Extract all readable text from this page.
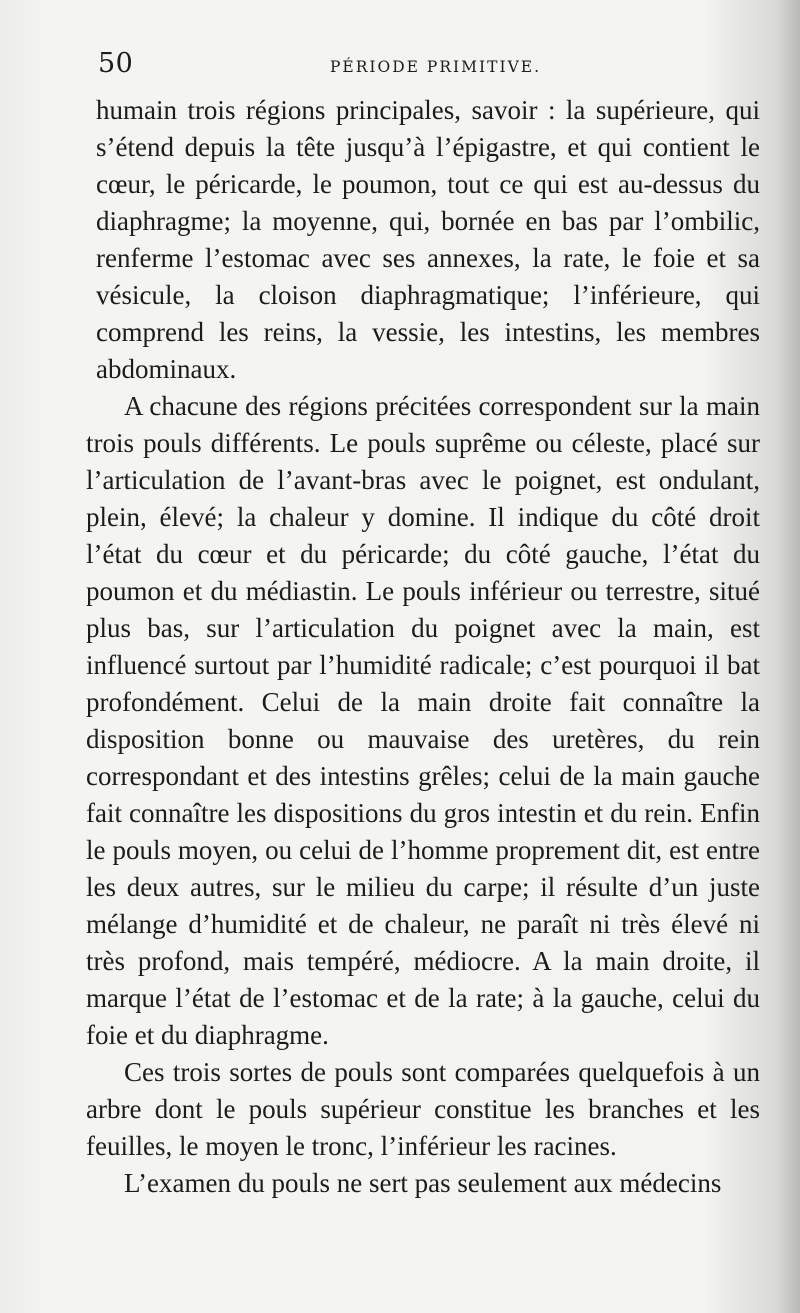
50	PÉRIODE PRIMITIVE.

humain trois régions principales, savoir : la supérieure, qui s’étend depuis la tête jusqu’à l’épigastre, et qui contient le cœur, le péricarde, le poumon, tout ce qui est au-dessus du diaphragme; la moyenne, qui, bornée en bas par l’ombilic, renferme l’estomac avec ses annexes, la rate, le foie et sa vésicule, la cloison diaphragmatique; l’inférieure, qui comprend les reins, la vessie, les intestins, les membres abdominaux.

A chacune des régions précitées correspondent sur la main trois pouls différents. Le pouls suprême ou céleste, placé sur l’articulation de l’avant-bras avec le poignet, est ondulant, plein, élevé; la chaleur y domine. Il indique du côté droit l’état du cœur et du péricarde; du côté gauche, l’état du poumon et du médiastin. Le pouls inférieur ou terrestre, situé plus bas, sur l’articulation du poignet avec la main, est influencé surtout par l’humidité radicale; c’est pourquoi il bat profondément. Celui de la main droite fait connaître la disposition bonne ou mauvaise des uretères, du rein correspondant et des intestins grêles; celui de la main gauche fait connaître les dispositions du gros intestin et du rein. Enfin le pouls moyen, ou celui de l’homme proprement dit, est entre les deux autres, sur le milieu du carpe; il résulte d’un juste mélange d’humidité et de chaleur, ne paraît ni très élevé ni très profond, mais tempéré, médiocre. A la main droite, il marque l’état de l’estomac et de la rate; à la gauche, celui du foie et du diaphragme.

Ces trois sortes de pouls sont comparées quelquefois à un arbre dont le pouls supérieur constitue les branches et les feuilles, le moyen le tronc, l’inférieur les racines.

L’examen du pouls ne sert pas seulement aux médecins
